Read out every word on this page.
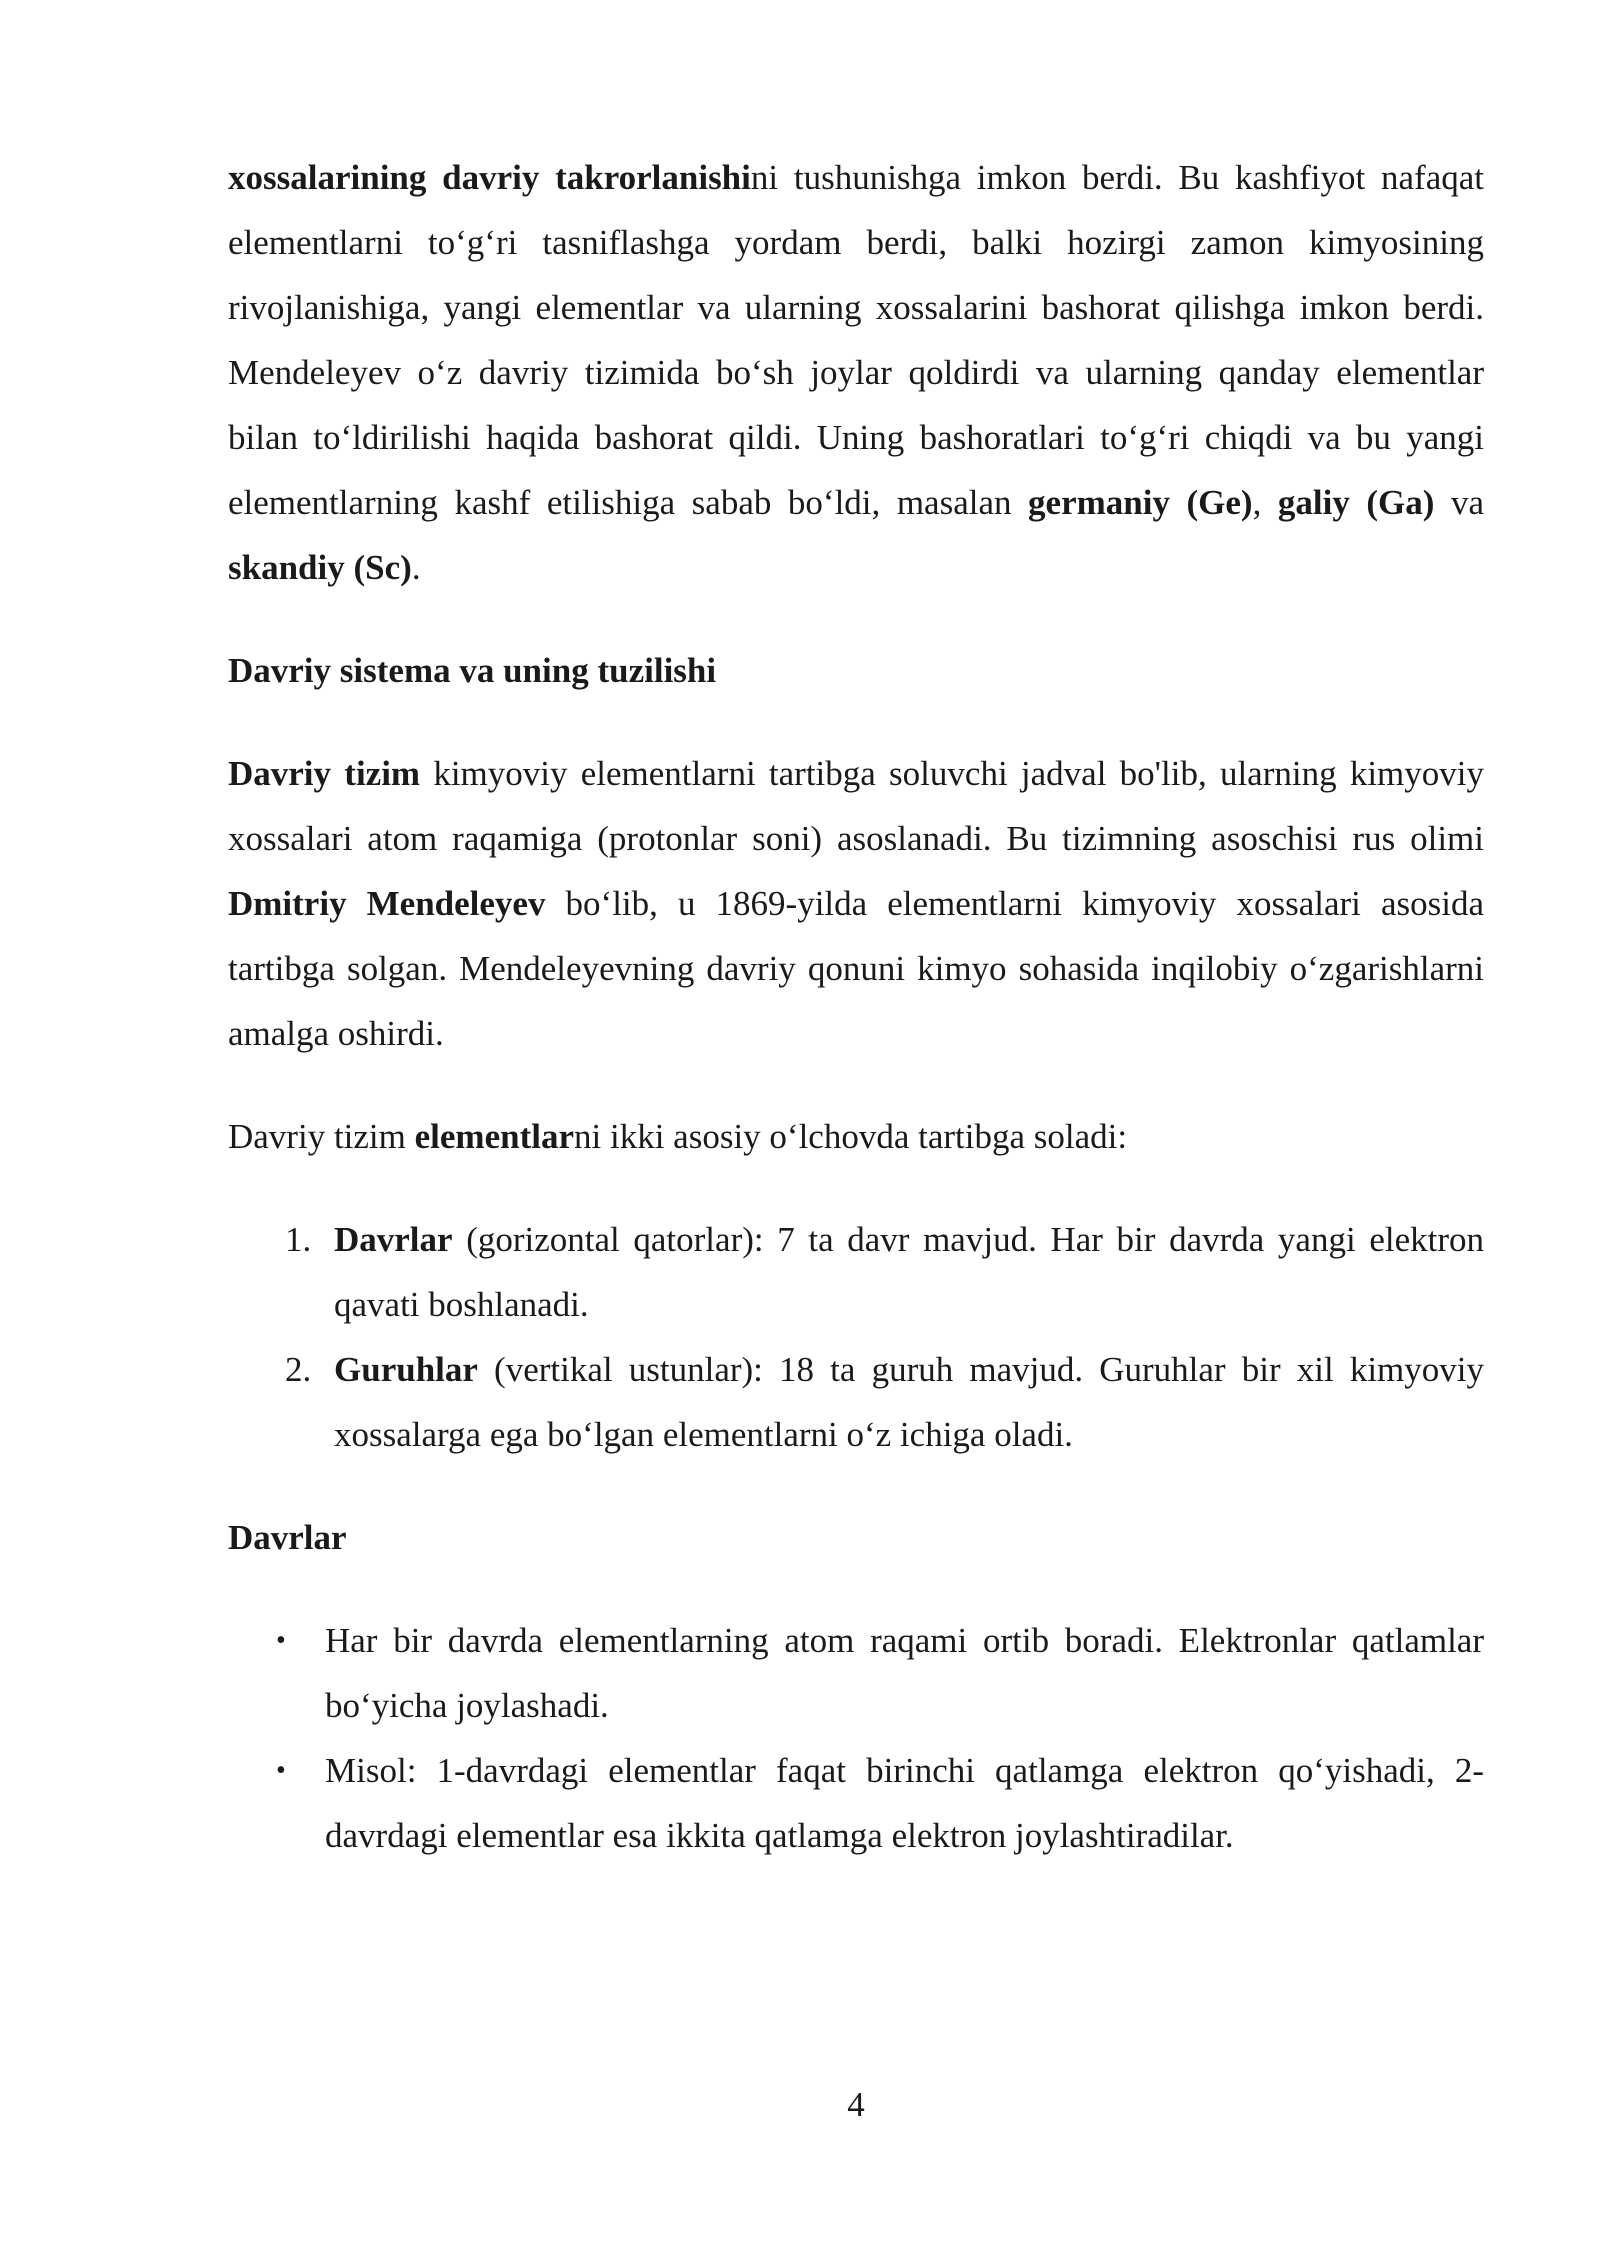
xossalarining davriy takrorlanishini tushunishga imkon berdi. Bu kashfiyot nafaqat elementlarni to‘g‘ri tasniflashga yordam berdi, balki hozirgi zamon kimyosining rivojlanishiga, yangi elementlar va ularning xossalarini bashorat qilishga imkon berdi. Mendeleyev o‘z davriy tizimida bo‘sh joylar qoldirdi va ularning qanday elementlar bilan to‘ldirilishi haqida bashorat qildi. Uning bashoratlari to‘g‘ri chiqdi va bu yangi elementlarning kashf etilishiga sabab bo‘ldi, masalan germaniy (Ge), galiy (Ga) va skandiy (Sc).

Davriy sistema va uning tuzilishi

Davriy tizim kimyoviy elementlarni tartibga soluvchi jadval bo'lib, ularning kimyoviy xossalari atom raqamiga (protonlar soni) asoslanadi. Bu tizimning asoschisi rus olimi Dmitriy Mendeleyev bo‘lib, u 1869-yilda elementlarni kimyoviy xossalari asosida tartibga solgan. Mendeleyevning davriy qonuni kimyo sohasida inqilobiy o‘zgarishlarni amalga oshirdi.

Davriy tizim elementlarni ikki asosiy o‘lchovda tartibga soladi:

1. Davrlar (gorizontal qatorlar): 7 ta davr mavjud. Har bir davrda yangi elektron qavati boshlanadi.
2. Guruhlar (vertikal ustunlar): 18 ta guruh mavjud. Guruhlar bir xil kimyoviy xossalarga ega bo‘lgan elementlarni o‘z ichiga oladi.
Davrlar
• Har bir davrda elementlarning atom raqami ortib boradi. Elektronlar qatlamlar bo‘yicha joylashadi.
• Misol: 1-davrdagi elementlar faqat birinchi qatlamga elektron qo‘yishadi, 2-davrdagi elementlar esa ikkita qatlamga elektron joylashtiradilar.
4
